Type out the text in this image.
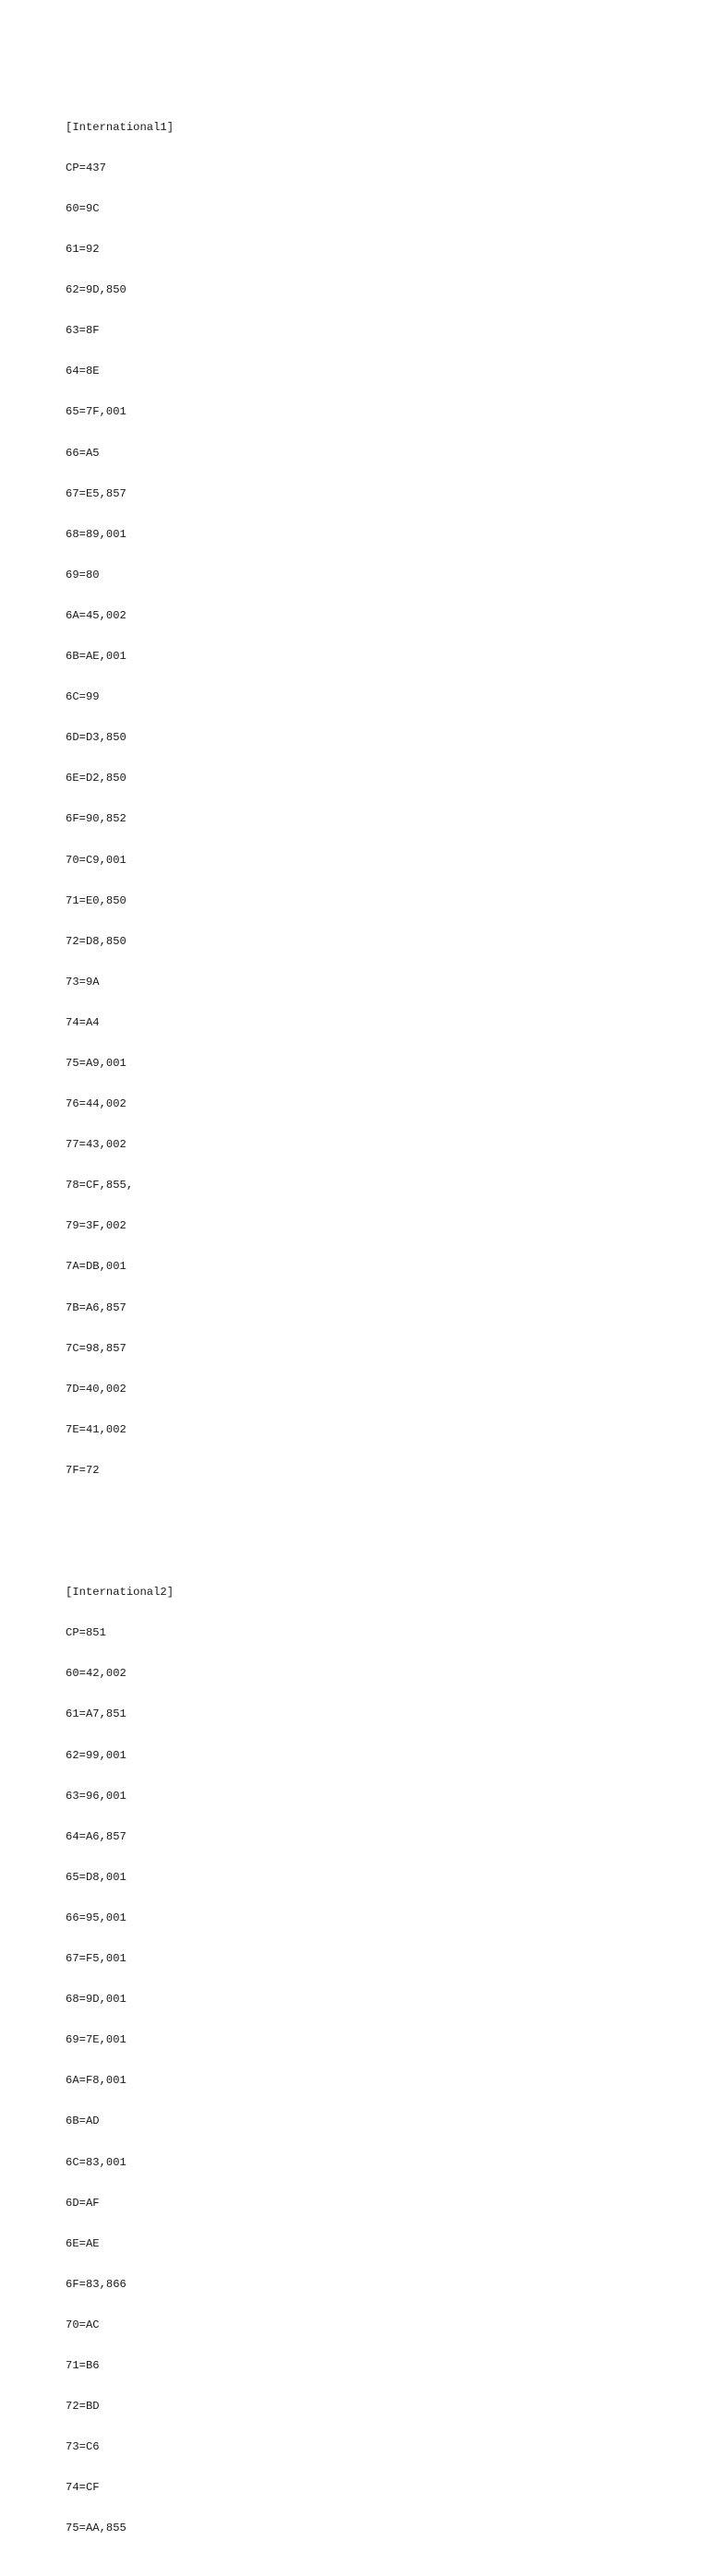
[International1]

CP=437

60=9C

61=92

62=9D,850

63=8F

64=8E

65=7F,001

66=A5

67=E5,857

68=89,001

69=80

6A=45,002

6B=AE,001

6C=99

6D=D3,850

6E=D2,850

6F=90,852

70=C9,001

71=E0,850

72=D8,850

73=9A

74=A4

75=A9,001

76=44,002

77=43,002

78=CF,855,

79=3F,002

7A=DB,001

7B=A6,857

7C=98,857

7D=40,002

7E=41,002

7F=72

[International2]

CP=851

60=42,002

61=A7,851

62=99,001

63=96,001

64=A6,857

65=D8,001

66=95,001

67=F5,001

68=9D,001

69=7E,001

6A=F8,001

6B=AD

6C=83,001

6D=AF

6E=AE

6F=83,866

70=AC

71=B6

72=BD

73=C6

74=CF

75=AA,855
